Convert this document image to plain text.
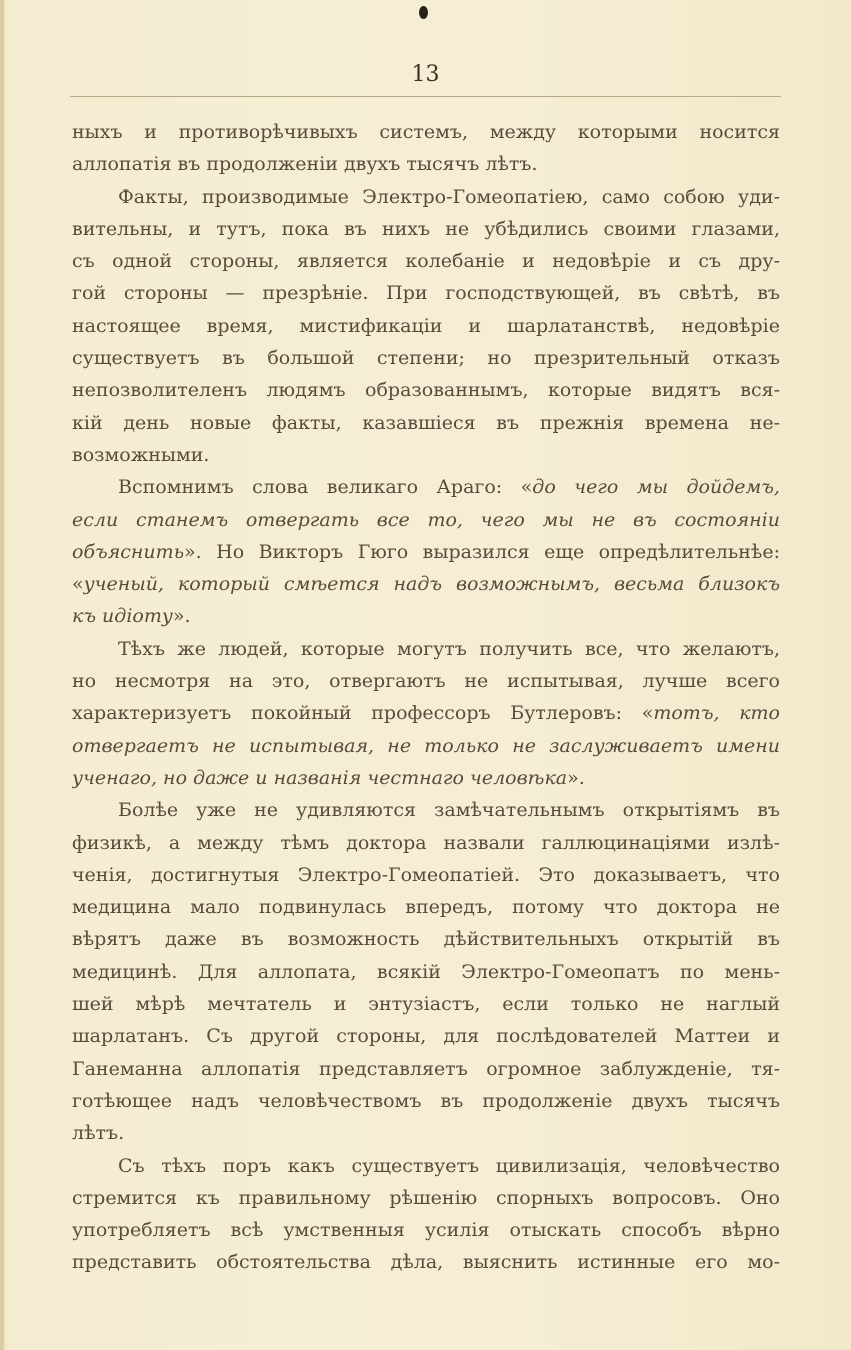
13
ныхъ и противорѣчивыхъ системъ, между которыми носится
аллопатія въ продолженіи двухъ тысячъ лѣтъ.
Факты, производимые Электро-Гомеопатіею, само собою уди-
вительны, и тутъ, пока въ нихъ не убѣдились своими глазами,
съ одной стороны, является колебаніе и недовѣріе и съ дру-
гой стороны — презрѣніе. При господствующей, въ свѣтѣ, въ
настоящее время, мистификаціи и шарлатанствѣ, недовѣріе
существуетъ въ большой степени; но презрительный отказъ
непозволителенъ людямъ образованнымъ, которые видятъ вся-
кій день новые факты, казавшіеся въ прежнія времена не-
возможными.
Вспомнимъ слова великаго Араго: «до чего мы дойдемъ,
если станемъ отвергать все то, чего мы не въ состояніи
объяснить». Но Викторъ Гюго выразился еще опредѣлительнѣе:
«ученый, который смѣется надъ возможнымъ, весьма близокъ
къ идіоту».
Тѣхъ же людей, которые могутъ получить все, что желаютъ,
но несмотря на это, отвергаютъ не испытывая, лучше всего
характеризуетъ покойный профессоръ Бутлеровъ: «тотъ, кто
отвергаетъ не испытывая, не только не заслуживаетъ имени
ученаго, но даже и названія честнаго человѣка».
Болѣе уже не удивляются замѣчательнымъ открытіямъ въ
физикѣ, а между тѣмъ доктора назвали галлюцинаціями излѣ-
ченія, достигнутыя Электро-Гомеопатіей. Это доказываетъ, что
медицина мало подвинулась впередъ, потому что доктора не
вѣрятъ даже въ возможность дѣйствительныхъ открытій въ
медицинѣ. Для аллопата, всякій Электро-Гомеопатъ по мень-
шей мѣрѣ мечтатель и энтузіастъ, если только не наглый
шарлатанъ. Съ другой стороны, для послѣдователей Маттеи и
Ганеманна аллопатія представляетъ огромное заблужденіе, тя-
готѣющее надъ человѣчествомъ въ продолженіе двухъ тысячъ
лѣтъ.
Съ тѣхъ поръ какъ существуетъ цивилизація, человѣчество
стремится къ правильному рѣшенію спорныхъ вопросовъ. Оно
употребляетъ всѣ умственныя усилія отыскать способъ вѣрно
представить обстоятельства дѣла, выяснить истинные его мо-
